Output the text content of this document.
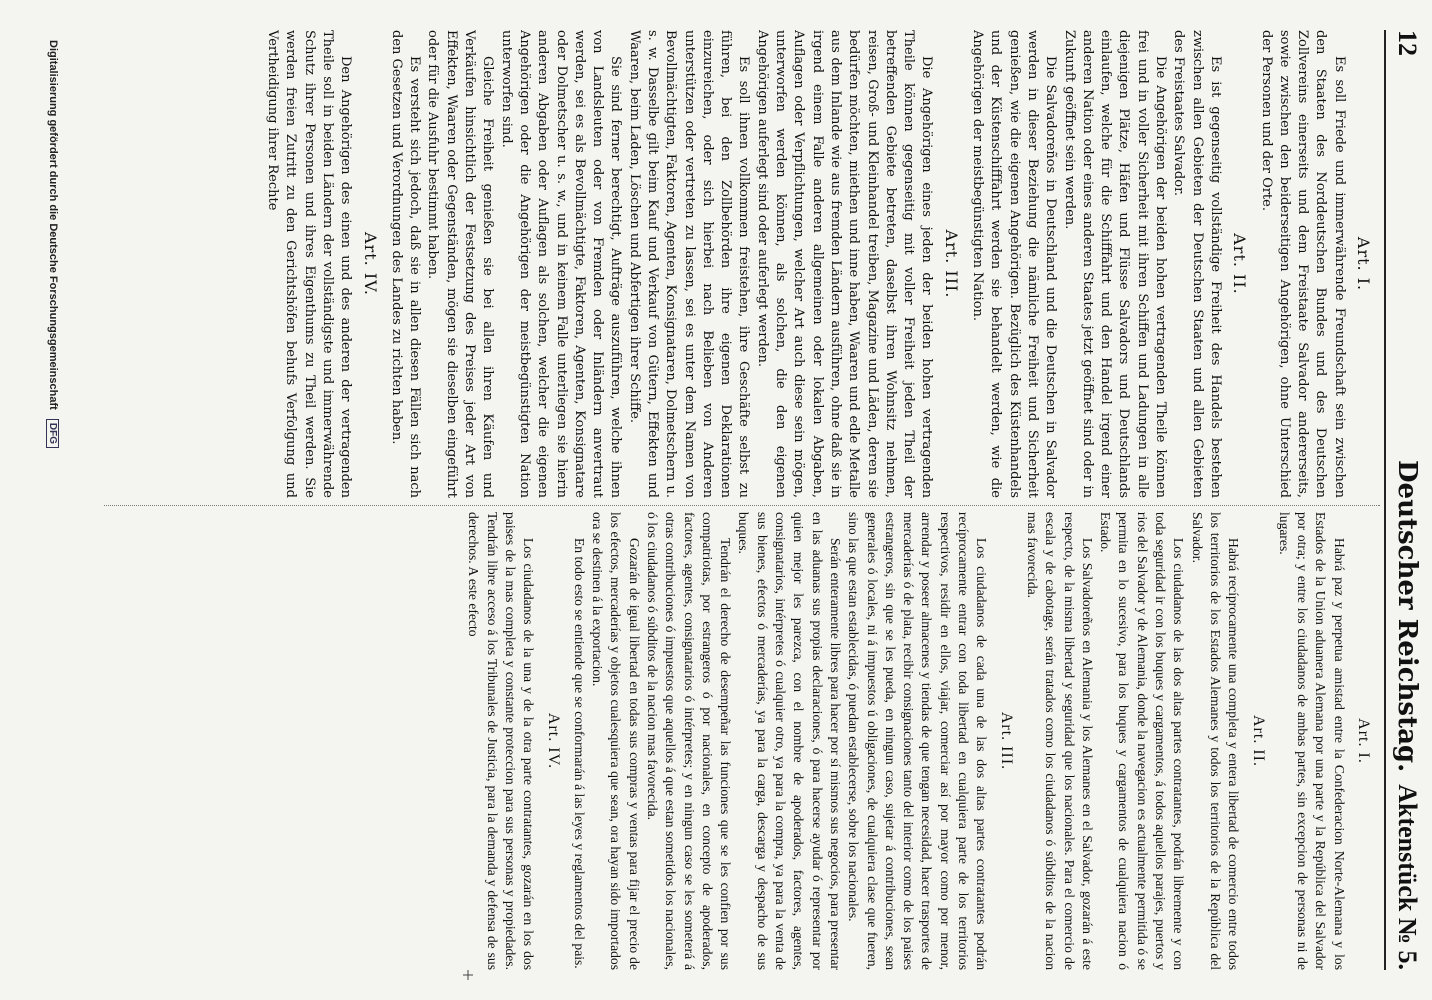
12
Deutscher Reichstag.
Aktenstück № 5.
Art. I.

Es soll Friede und immerwährende Freundschaft sein zwischen den Staaten des Norddeutschen Bundes und des Deutschen Zollvereins einerseits und dem Freistaate Salvador andererseits, sowie zwischen den beiderseitigen Angehörigen, ohne Unterschied der Personen und der Orte.

Art. II.

Es ist gegenseitig vollständige Freiheit des Handels bestehen zwischen allen Gebieten der Deutschen Staaten und allen Gebieten des Freistaates Salvador.

Die Angehörigen der beiden hohen vertragenden Theile können frei und in voller Sicherheit mit ihren Schiffen und Ladungen in alle diejenigen Plätze, Häfen und Flüsse Salvadors und Deutschlands einlaufen, welche für die Schifffahrt und den Handel irgend einer anderen Nation oder eines anderen Staates jetzt geöffnet sind oder in Zukunft geöffnet sein werden.

Die Salvadoreños in Deutschland und die Deutschen in Salvador werden in dieser Beziehung die nämliche Freiheit und Sicherheit genießen, wie die eigenen Angehörigen. Bezüglich des Küstenhandels und der Küstenschifffahrt werden sie behandelt werden, wie die Angehörigen der meistbegünstigten Nation.

Art. III.

Die Angehörigen eines jeden der beiden hohen vertragenden Theile können gegenseitig mit voller Freiheit jeden Theil der betreffenden Gebiete betreten, daselbst ihren Wohnsitz nehmen, reisen, Groß- und Kleinhandel treiben, Magazine und Läden, deren sie bedürfen möchten, miethen und inne haben, Waaren und edle Metalle aus dem Inlande wie aus fremden Ländern ausführen, ohne daß sie in irgend einem Falle anderen allgemeinen oder lokalen Abgaben, Auflagen oder Verpflichtungen, welcher Art auch diese sein mögen, unterworfen werden können, als solchen, die den eigenen Angehörigen auferlegt sind oder auferlegt werden.

Es soll ihnen vollkommen freistehen, ihre Geschäfte selbst zu führen, bei den Zollbehörden ihre eigenen Deklarationen einzureichen, oder sich hierbei nach Belieben von Anderen unterstützen oder vertreten zu lassen, sei es unter dem Namen von Bevollmächtigten, Faktoren, Agenten, Konsignataren, Dolmetschern u. s. w. Dasselbe gilt beim Kauf und Verkauf von Gütern, Effekten und Waaren, beim Laden, Löschen und Abfertigen ihrer Schiffe.

Sie sind ferner berechtigt, Aufträge auszuführen, welche ihnen von Landsleuten oder von Fremden oder Inländern anvertraut werden, sei es als Bevollmächtigte, Faktoren, Agenten, Konsignatare oder Dolmetscher u. s. w., und in keinem Falle unterliegen sie hierin anderen Abgaben oder Auflagen als solchen, welcher die eigenen Angehörigen oder die Angehörigen der meistbegünstigten Nation unterworfen sind.

Gleiche Freiheit genießen sie bei allen ihren Käufen und Verkäufen hinsichtlich der Festsetzung des Preises jeder Art von Effekten, Waaren oder Gegenständen, mögen sie dieselben eingeführt oder für die Ausfuhr bestimmt haben.

Es versteht sich jedoch, daß sie in allen diesen Fällen sich nach den Gesetzen und Verordnungen des Landes zu richten haben.

Art. IV.

Den Angehörigen des einen und des anderen der vertragenden Theile soll in beiden Ländern der vollständigste und immerwährende Schutz ihrer Personen und ihres Eigenthums zu Theil werden. Sie werden freien Zutritt zu den Gerichtshöfen behufs Verfolgung und Vertheidigung ihrer Rechte

Art. I.

Habrá paz y perpetua amistad entre la Confederacion Norte-Alemana y los Estados de la Union aduanera Alemana por una parte y la República del Salvador por otra; y entre los ciudadanos de ambas partes, sin excepcion de personas ni de lugares.

Art. II.

Habrá recíprocamente una completa y entera libertad de comercio entre todos los territorios de los Estados Alemanes y todos los territorios de la República del Salvador.

Los ciudadanos de las dos altas partes contratantes, podrán libremente y con toda seguridad ir con los buques y cargamentos, á todos aquellos parajes, puertos y rios del Salvador y de Alemania, donde la navegacion es actualmente permitida ó se permita en lo sucesivo, para los buques y cargamentos de cualquiera nacion ó Estado.

Los Salvadoreños en Alemania y los Alemanes en el Salvador, gozarán á este respecto, de la misma libertad y seguridad que los nacionales. Para el comercio de escala y de cabotage, serán tratados como los ciudadanos ó súbditos de la nacion mas favorecida.

Art. III.

Los ciudadanos de cada una de las dos altas partes contratantes podrán recíprocamente entrar con toda libertad en cualquiera parte de los territorios respectivos, residir en ellos, viajar, comerciar así por mayor como por menor, arrendar y poseer almacenes y tiendas de que tengan necesidad, hacer trasportes de mercaderías ó de plata, recibir consignaciones tanto del interior como de los paises estrangeros, sin que se les pueda, en ningun caso, sujetar á contribuciones, sean generales ó locales, ni á impuestos ú obligaciones, de cualquiera clase que fueren, sino las que estan establecidas, ó puedan establecerse, sobre los nacionales.

Serán enteramente libres para hacer por sí mismos sus negocios, para presentar en las aduanas sus propias declaraciones, ó para hacerse ayudar ó representar por quien mejor les parezca, con el nombre de apoderados, factores, agentes, consignatarios, intérpretes ó cualquier otro, ya para la compra, ya para la venta de sus bienes, efectos ó mercaderías, ya para la carga, descarga y despacho de sus buques.

Tendrán el derecho de desempeñar las funciones que se les confien por sus compatriotas, por estrangeros ó por nacionales, en concepto de apoderados, factores, agentes, consignatarios ó intérpretes; y en ningun caso se les someterá á otras contribuciones ó impuestos que aquellos á que estan sometidos los nacionales, ó los ciudadanos ó súbditos de la nacion mas favorecida.

Gozarán de igual libertad en todas sus compras y ventas para fijar el precio de los efectos, mercaderías y objetos cualesquiera que sean, ora hayan sido importados ora se destinen á la exportacion.

En todo esto se entiende que se conformarán á las leyes y reglamentos del pais.

Art. IV.

Los ciudadanos de la una y de la otra parte contratantes, gozarán en los dos paises de la mas completa y constante proteccion para sus personas y propiedades. Tendrán libre acceso á los Tribunales de Justicia, para la demanda y defensa de sus derechos. A este efecto

Digitalisierung gefördert durch die Deutsche Forschungsgemeinschaft DFG
